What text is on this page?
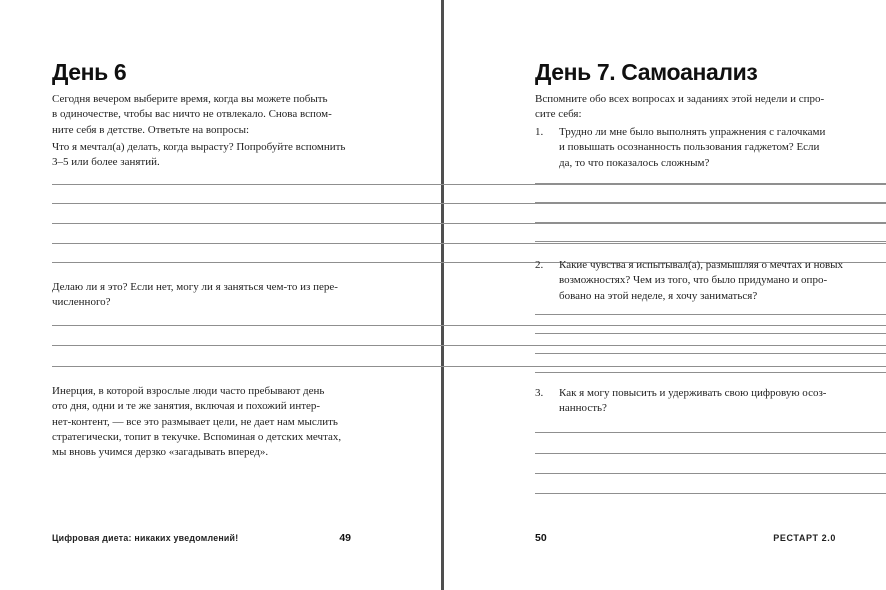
День 6
Сегодня вечером выберите время, когда вы можете побыть
в одиночестве, чтобы вас ничто не отвлекало. Снова вспом-
ните себя в детстве. Ответьте на вопросы:
Что я мечтал(а) делать, когда вырасту? Попробуйте вспомнить
3–5 или более занятий.
Делаю ли я это? Если нет, могу ли я заняться чем-то из пере-
численного?
Инерция, в которой взрослые люди часто пребывают день
ото дня, одни и те же занятия, включая и похожий интер-
нет-контент, — все это размывает цели, не дает нам мыслить
стратегически, топит в текучке. Вспоминая о детских мечтах,
мы вновь учимся дерзко «загадывать вперед».
Цифровая диета: никаких уведомлений!	49
День 7. Самоанализ
Вспомните обо всех вопросах и заданиях этой недели и спро-
сите себя:
1.	Трудно ли мне было выполнять упражнения с галочками
и повышать осознанность пользования гаджетом? Если
да, то что показалось сложным?
2.	Какие чувства я испытывал(а), размышляя о мечтах и новых
возможностях? Чем из того, что было придумано и опро-
бовано на этой неделе, я хочу заниматься?
3.	Как я могу повысить и удерживать свою цифровую осоз-
нанность?
50	РЕСТАРТ 2.0
